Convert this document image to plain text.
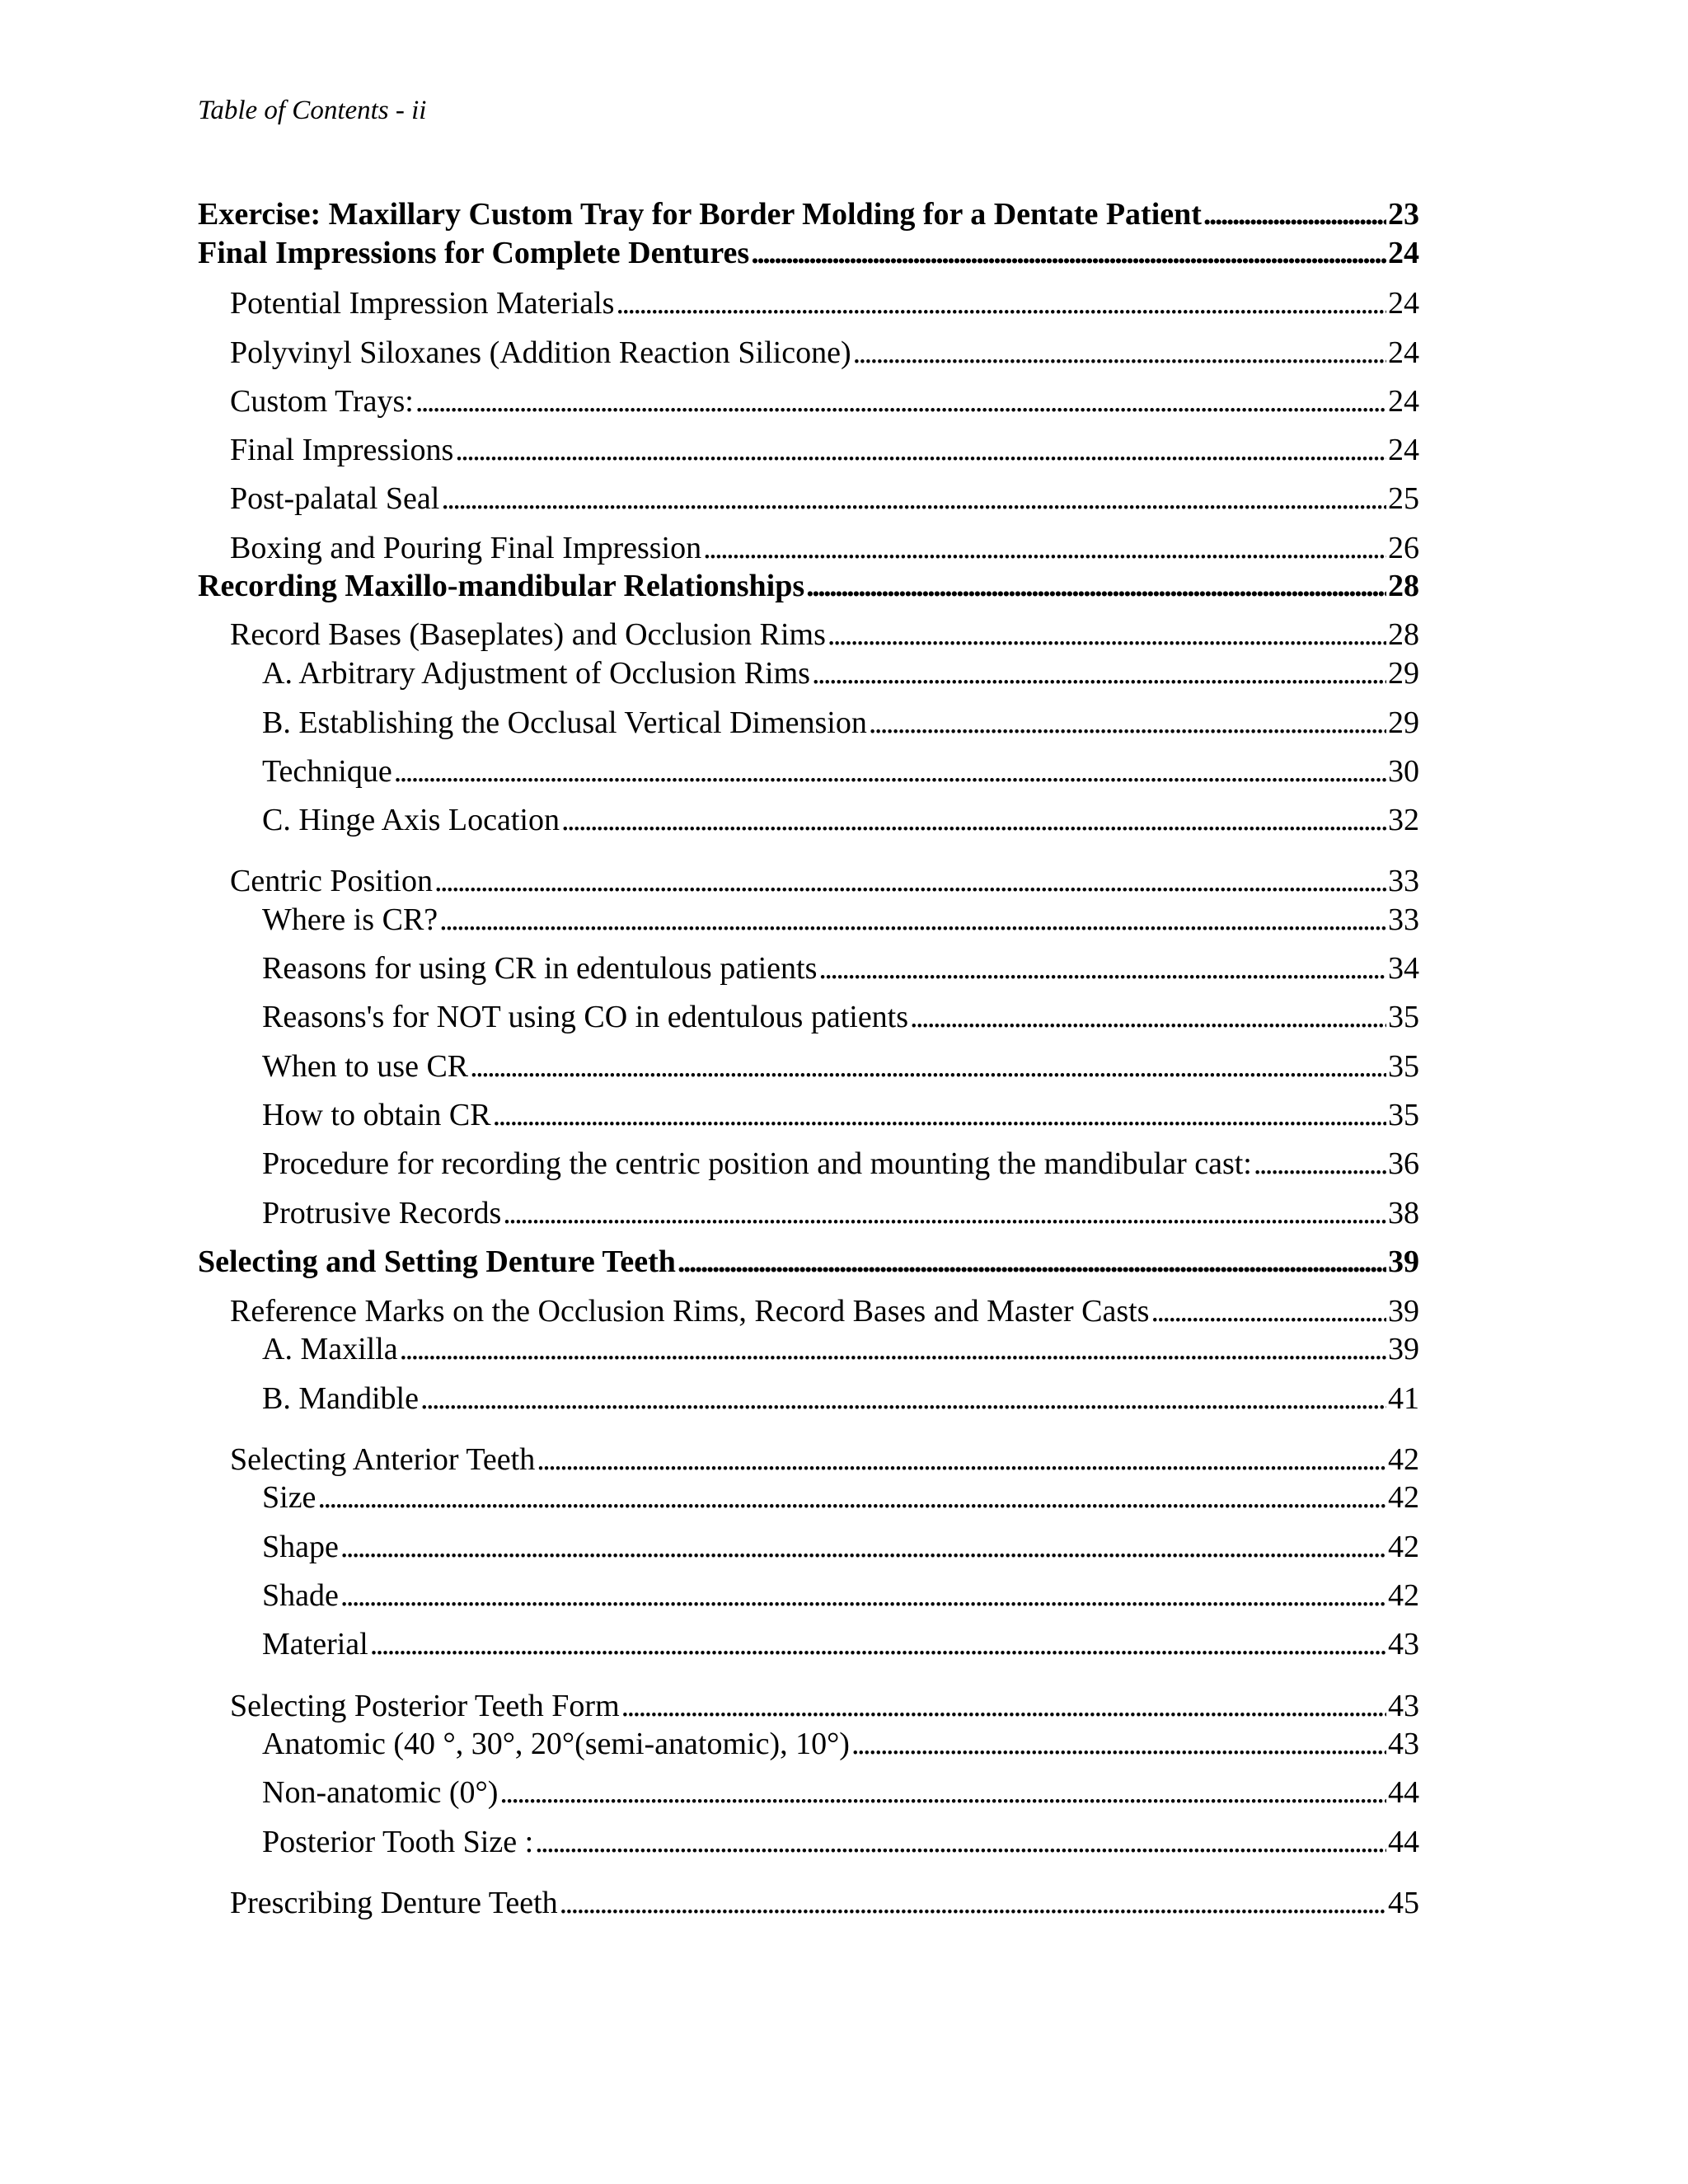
Table of Contents - ii
Exercise: Maxillary Custom Tray for Border Molding for a Dentate Patient . . .	23
Final Impressions for Complete Dentures . . .	24
Potential Impression Materials . . .	24
Polyvinyl Siloxanes (Addition Reaction Silicone) . . .	24
Custom Trays: . . .	24
Final Impressions . . .	24
Post-palatal Seal . . .	25
Boxing and Pouring Final Impression . . .	26
Recording Maxillo-mandibular Relationships . . .	28
Record Bases (Baseplates) and Occlusion Rims . . .	28
A. Arbitrary Adjustment of Occlusion Rims . . .	29
B. Establishing the Occlusal Vertical Dimension . . .	29
Technique . . .	30
C. Hinge Axis Location . . .	32
Centric Position . . .	33
Where is CR? . . .	33
Reasons for using CR in edentulous patients . . .	34
Reasons's for NOT using CO in edentulous patients . . .	35
When to use CR . . .	35
How to obtain CR . . .	35
Procedure for recording the centric position and mounting the mandibular cast: . . .	36
Protrusive Records . . .	38
Selecting and Setting Denture Teeth . . .	39
Reference Marks on the Occlusion Rims, Record Bases and Master Casts . . .	39
A. Maxilla . . .	39
B. Mandible . . .	41
Selecting Anterior Teeth . . .	42
Size . . .	42
Shape . . .	42
Shade . . .	42
Material . . .	43
Selecting Posterior Teeth Form . . .	43
Anatomic (40 °, 30°, 20°(semi-anatomic), 10°) . . .	43
Non-anatomic (0°) . . .	44
Posterior Tooth Size : . . .	44
Prescribing Denture Teeth . . .	45
